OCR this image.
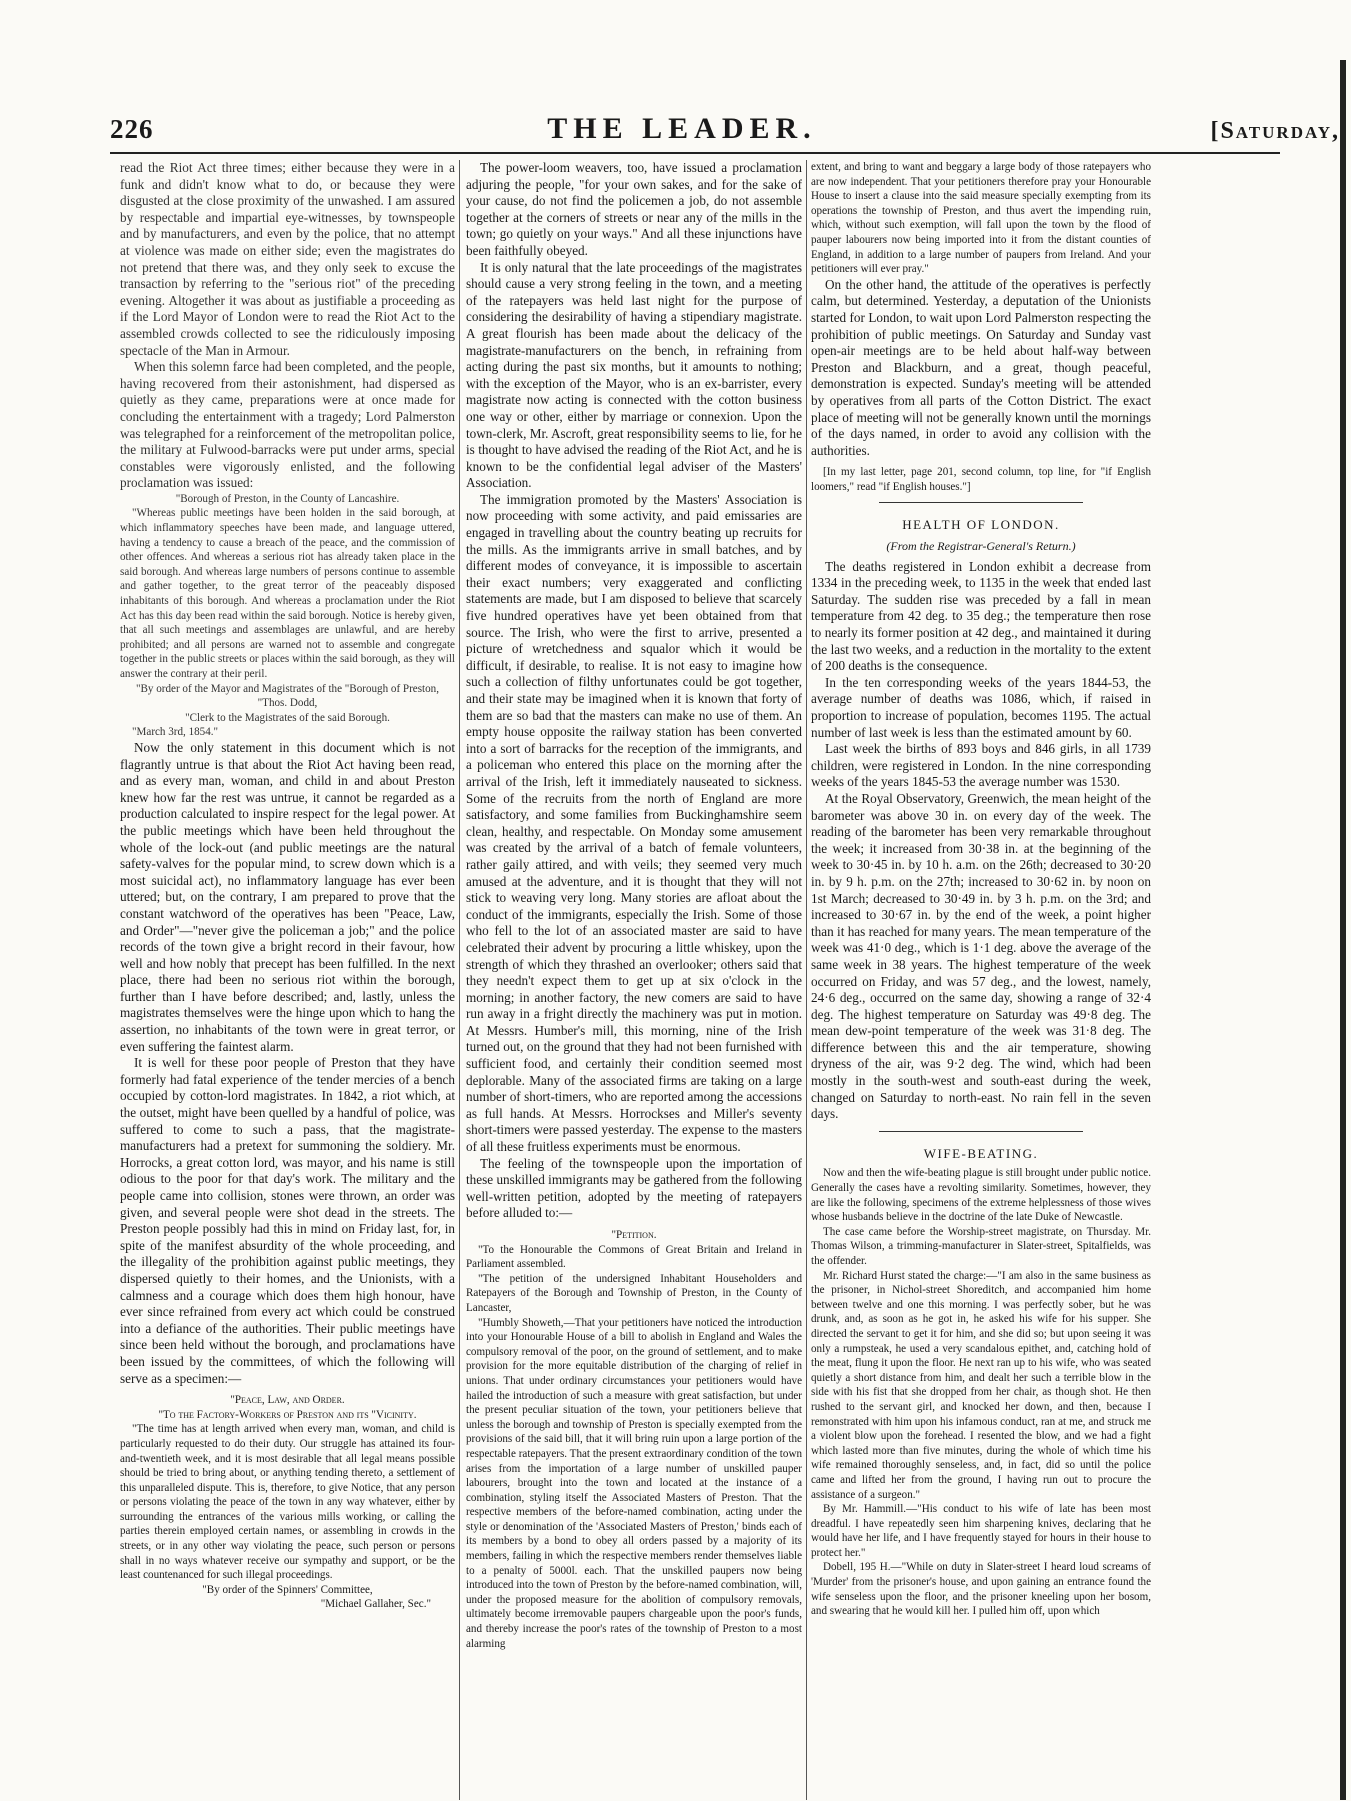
226	THE LEADER.	[Saturday,

read the Riot Act three times; either because they were in a funk and didn't know what to do, or because they were disgusted at the close proximity of the unwashed. I am assured by respectable and impartial eye-witnesses, by townspeople and by manufacturers, and even by the police, that no attempt at violence was made on either side; even the magistrates do not pretend that there was, and they only seek to excuse the transaction by referring to the "serious riot" of the preceding evening. Altogether it was about as justifiable a proceeding as if the Lord Mayor of London were to read the Riot Act to the assembled crowds collected to see the ridiculously imposing spectacle of the Man in Armour.

When this solemn farce had been completed, and the people, having recovered from their astonishment, had dispersed as quietly as they came, preparations were at once made for concluding the entertainment with a tragedy; Lord Palmerston was telegraphed for a reinforcement of the metropolitan police, the military at Fulwood-barracks were put under arms, special constables were vigorously enlisted, and the following proclamation was issued:

"Borough of Preston, in the County of Lancashire.

"Whereas public meetings have been holden in the said borough, at which inflammatory speeches have been made, and language uttered, having a tendency to cause a breach of the peace, and the commission of other offences. And whereas a serious riot has already taken place in the said borough. And whereas large numbers of persons continue to assemble and gather together, to the great terror of the peaceably disposed inhabitants of this borough. And whereas a proclamation under the Riot Act has this day been read within the said borough. Notice is hereby given, that all such meetings and assemblages are unlawful, and are hereby prohibited; and all persons are warned not to assemble and congregate together in the public streets or places within the said borough, as they will answer the contrary at their peril.

"By order of the Mayor and Magistrates of the "Borough of Preston,

"Thos. Dodd,

"Clerk to the Magistrates of the said Borough.

"March 3rd, 1854."

Now the only statement in this document which is not flagrantly untrue is that about the Riot Act having been read, and as every man, woman, and child in and about Preston knew how far the rest was untrue, it cannot be regarded as a production calculated to inspire respect for the legal power. At the public meetings which have been held throughout the whole of the lock-out (and public meetings are the natural safety-valves for the popular mind, to screw down which is a most suicidal act), no inflammatory language has ever been uttered; but, on the contrary, I am prepared to prove that the constant watchword of the operatives has been "Peace, Law, and Order"—"never give the policeman a job;" and the police records of the town give a bright record in their favour, how well and how nobly that precept has been fulfilled. In the next place, there had been no serious riot within the borough, further than I have before described; and, lastly, unless the magistrates themselves were the hinge upon which to hang the assertion, no inhabitants of the town were in great terror, or even suffering the faintest alarm.

It is well for these poor people of Preston that they have formerly had fatal experience of the tender mercies of a bench occupied by cotton-lord magistrates. In 1842, a riot which, at the outset, might have been quelled by a handful of police, was suffered to come to such a pass, that the magistrate-manufacturers had a pretext for summoning the soldiery. Mr. Horrocks, a great cotton lord, was mayor, and his name is still odious to the poor for that day's work. The military and the people came into collision, stones were thrown, an order was given, and several people were shot dead in the streets. The Preston people possibly had this in mind on Friday last, for, in spite of the manifest absurdity of the whole proceeding, and the illegality of the prohibition against public meetings, they dispersed quietly to their homes, and the Unionists, with a calmness and a courage which does them high honour, have ever since refrained from every act which could be construed into a defiance of the authorities. Their public meetings have since been held without the borough, and proclamations have been issued by the committees, of which the following will serve as a specimen:—

"Peace, Law, and Order.

"To the Factory-Workers of Preston and its "Vicinity.

"The time has at length arrived when every man, woman, and child is particularly requested to do their duty. Our struggle has attained its four-and-twentieth week, and it is most desirable that all legal means possible should be tried to bring about, or anything tending thereto, a settlement of this unparalleled dispute. This is, therefore, to give Notice, that any person or persons violating the peace of the town in any way whatever, either by surrounding the entrances of the various mills working, or calling the parties therein employed certain names, or assembling in crowds in the streets, or in any other way violating the peace, such person or persons shall in no ways whatever receive our sympathy and support, or be the least countenanced for such illegal proceedings.

"By order of the Spinners' Committee,

"Michael Gallaher, Sec."

The power-loom weavers, too, have issued a proclamation adjuring the people, "for your own sakes, and for the sake of your cause, do not find the policemen a job, do not assemble together at the corners of streets or near any of the mills in the town; go quietly on your ways." And all these injunctions have been faithfully obeyed.

It is only natural that the late proceedings of the magistrates should cause a very strong feeling in the town, and a meeting of the ratepayers was held last night for the purpose of considering the desirability of having a stipendiary magistrate. A great flourish has been made about the delicacy of the magistrate-manufacturers on the bench, in refraining from acting during the past six months, but it amounts to nothing; with the exception of the Mayor, who is an ex-barrister, every magistrate now acting is connected with the cotton business one way or other, either by marriage or connexion. Upon the town-clerk, Mr. Ascroft, great responsibility seems to lie, for he is thought to have advised the reading of the Riot Act, and he is known to be the confidential legal adviser of the Masters' Association.

The immigration promoted by the Masters' Association is now proceeding with some activity, and paid emissaries are engaged in travelling about the country beating up recruits for the mills. As the immigrants arrive in small batches, and by different modes of conveyance, it is impossible to ascertain their exact numbers; very exaggerated and conflicting statements are made, but I am disposed to believe that scarcely five hundred operatives have yet been obtained from that source. The Irish, who were the first to arrive, presented a picture of wretchedness and squalor which it would be difficult, if desirable, to realise. It is not easy to imagine how such a collection of filthy unfortunates could be got together, and their state may be imagined when it is known that forty of them are so bad that the masters can make no use of them. An empty house opposite the railway station has been converted into a sort of barracks for the reception of the immigrants, and a policeman who entered this place on the morning after the arrival of the Irish, left it immediately nauseated to sickness. Some of the recruits from the north of England are more satisfactory, and some families from Buckinghamshire seem clean, healthy, and respectable. On Monday some amusement was created by the arrival of a batch of female volunteers, rather gaily attired, and with veils; they seemed very much amused at the adventure, and it is thought that they will not stick to weaving very long. Many stories are afloat about the conduct of the immigrants, especially the Irish. Some of those who fell to the lot of an associated master are said to have celebrated their advent by procuring a little whiskey, upon the strength of which they thrashed an overlooker; others said that they needn't expect them to get up at six o'clock in the morning; in another factory, the new comers are said to have run away in a fright directly the machinery was put in motion. At Messrs. Humber's mill, this morning, nine of the Irish turned out, on the ground that they had not been furnished with sufficient food, and certainly their condition seemed most deplorable. Many of the associated firms are taking on a large number of short-timers, who are reported among the accessions as full hands. At Messrs. Horrockses and Miller's seventy short-timers were passed yesterday. The expense to the masters of all these fruitless experiments must be enormous.

The feeling of the townspeople upon the importation of these unskilled immigrants may be gathered from the following well-written petition, adopted by the meeting of ratepayers before alluded to:—

"Petition.

"To the Honourable the Commons of Great Britain and Ireland in Parliament assembled.

"The petition of the undersigned Inhabitant Householders and Ratepayers of the Borough and Township of Preston, in the County of Lancaster,

"Humbly Showeth,—That your petitioners have noticed the introduction into your Honourable House of a bill to abolish in England and Wales the compulsory removal of the poor, on the ground of settlement, and to make provision for the more equitable distribution of the charging of relief in unions. That under ordinary circumstances your petitioners would have hailed the introduction of such a measure with great satisfaction, but under the present peculiar situation of the town, your petitioners believe that unless the borough and township of Preston is specially exempted from the provisions of the said bill, that it will bring ruin upon a large portion of the respectable ratepayers. That the present extraordinary condition of the town arises from the importation of a large number of unskilled pauper labourers, brought into the town and located at the instance of a combination, styling itself the Associated Masters of Preston. That the respective members of the before-named combination, acting under the style or denomination of the 'Associated Masters of Preston,' binds each of its members by a bond to obey all orders passed by a majority of its members, failing in which the respective members render themselves liable to a penalty of 5000l. each. That the unskilled paupers now being introduced into the town of Preston by the before-named combination, will, under the proposed measure for the abolition of compulsory removals, ultimately become irremovable paupers chargeable upon the poor's funds, and thereby increase the poor's rates of the township of Preston to a most alarming

extent, and bring to want and beggary a large body of those ratepayers who are now independent. That your petitioners therefore pray your Honourable House to insert a clause into the said measure specially exempting from its operations the township of Preston, and thus avert the impending ruin, which, without such exemption, will fall upon the town by the flood of pauper labourers now being imported into it from the distant counties of England, in addition to a large number of paupers from Ireland. And your petitioners will ever pray."

On the other hand, the attitude of the operatives is perfectly calm, but determined. Yesterday, a deputation of the Unionists started for London, to wait upon Lord Palmerston respecting the prohibition of public meetings. On Saturday and Sunday vast open-air meetings are to be held about half-way between Preston and Blackburn, and a great, though peaceful, demonstration is expected. Sunday's meeting will be attended by operatives from all parts of the Cotton District. The exact place of meeting will not be generally known until the mornings of the days named, in order to avoid any collision with the authorities.

[In my last letter, page 201, second column, top line, for "if English loomers," read "if English houses."]

HEALTH OF LONDON.
(From the Registrar-General's Return.)

The deaths registered in London exhibit a decrease from 1334 in the preceding week, to 1135 in the week that ended last Saturday. The sudden rise was preceded by a fall in mean temperature from 42 deg. to 35 deg.; the temperature then rose to nearly its former position at 42 deg., and maintained it during the last two weeks, and a reduction in the mortality to the extent of 200 deaths is the consequence.

In the ten corresponding weeks of the years 1844-53, the average number of deaths was 1086, which, if raised in proportion to increase of population, becomes 1195. The actual number of last week is less than the estimated amount by 60.

Last week the births of 893 boys and 846 girls, in all 1739 children, were registered in London. In the nine corresponding weeks of the years 1845-53 the average number was 1530.

At the Royal Observatory, Greenwich, the mean height of the barometer was above 30 in. on every day of the week. The reading of the barometer has been very remarkable throughout the week; it increased from 30·38 in. at the beginning of the week to 30·45 in. by 10 h. a.m. on the 26th; decreased to 30·20 in. by 9 h. p.m. on the 27th; increased to 30·62 in. by noon on 1st March; decreased to 30·49 in. by 3 h. p.m. on the 3rd; and increased to 30·67 in. by the end of the week, a point higher than it has reached for many years. The mean temperature of the week was 41·0 deg., which is 1·1 deg. above the average of the same week in 38 years. The highest temperature of the week occurred on Friday, and was 57 deg., and the lowest, namely, 24·6 deg., occurred on the same day, showing a range of 32·4 deg. The highest temperature on Saturday was 49·8 deg. The mean dew-point temperature of the week was 31·8 deg. The difference between this and the air temperature, showing dryness of the air, was 9·2 deg. The wind, which had been mostly in the south-west and south-east during the week, changed on Saturday to north-east. No rain fell in the seven days.

WIFE-BEATING.

Now and then the wife-beating plague is still brought under public notice. Generally the cases have a revolting similarity. Sometimes, however, they are like the following, specimens of the extreme helplessness of those wives whose husbands believe in the doctrine of the late Duke of Newcastle.

The case came before the Worship-street magistrate, on Thursday. Mr. Thomas Wilson, a trimming-manufacturer in Slater-street, Spitalfields, was the offender.

Mr. Richard Hurst stated the charge:—"I am also in the same business as the prisoner, in Nichol-street Shoreditch, and accompanied him home between twelve and one this morning. I was perfectly sober, but he was drunk, and, as soon as he got in, he asked his wife for his supper. She directed the servant to get it for him, and she did so; but upon seeing it was only a rumpsteak, he used a very scandalous epithet, and, catching hold of the meat, flung it upon the floor. He next ran up to his wife, who was seated quietly a short distance from him, and dealt her such a terrible blow in the side with his fist that she dropped from her chair, as though shot. He then rushed to the servant girl, and knocked her down, and then, because I remonstrated with him upon his infamous conduct, ran at me, and struck me a violent blow upon the forehead. I resented the blow, and we had a fight which lasted more than five minutes, during the whole of which time his wife remained thoroughly senseless, and, in fact, did so until the police came and lifted her from the ground, I having run out to procure the assistance of a surgeon."

By Mr. Hammill.—"His conduct to his wife of late has been most dreadful. I have repeatedly seen him sharpening knives, declaring that he would have her life, and I have frequently stayed for hours in their house to protect her."

Dobell, 195 H.—"While on duty in Slater-street I heard loud screams of 'Murder' from the prisoner's house, and upon gaining an entrance found the wife senseless upon the floor, and the prisoner kneeling upon her bosom, and swearing that he would kill her. I pulled him off, upon which
